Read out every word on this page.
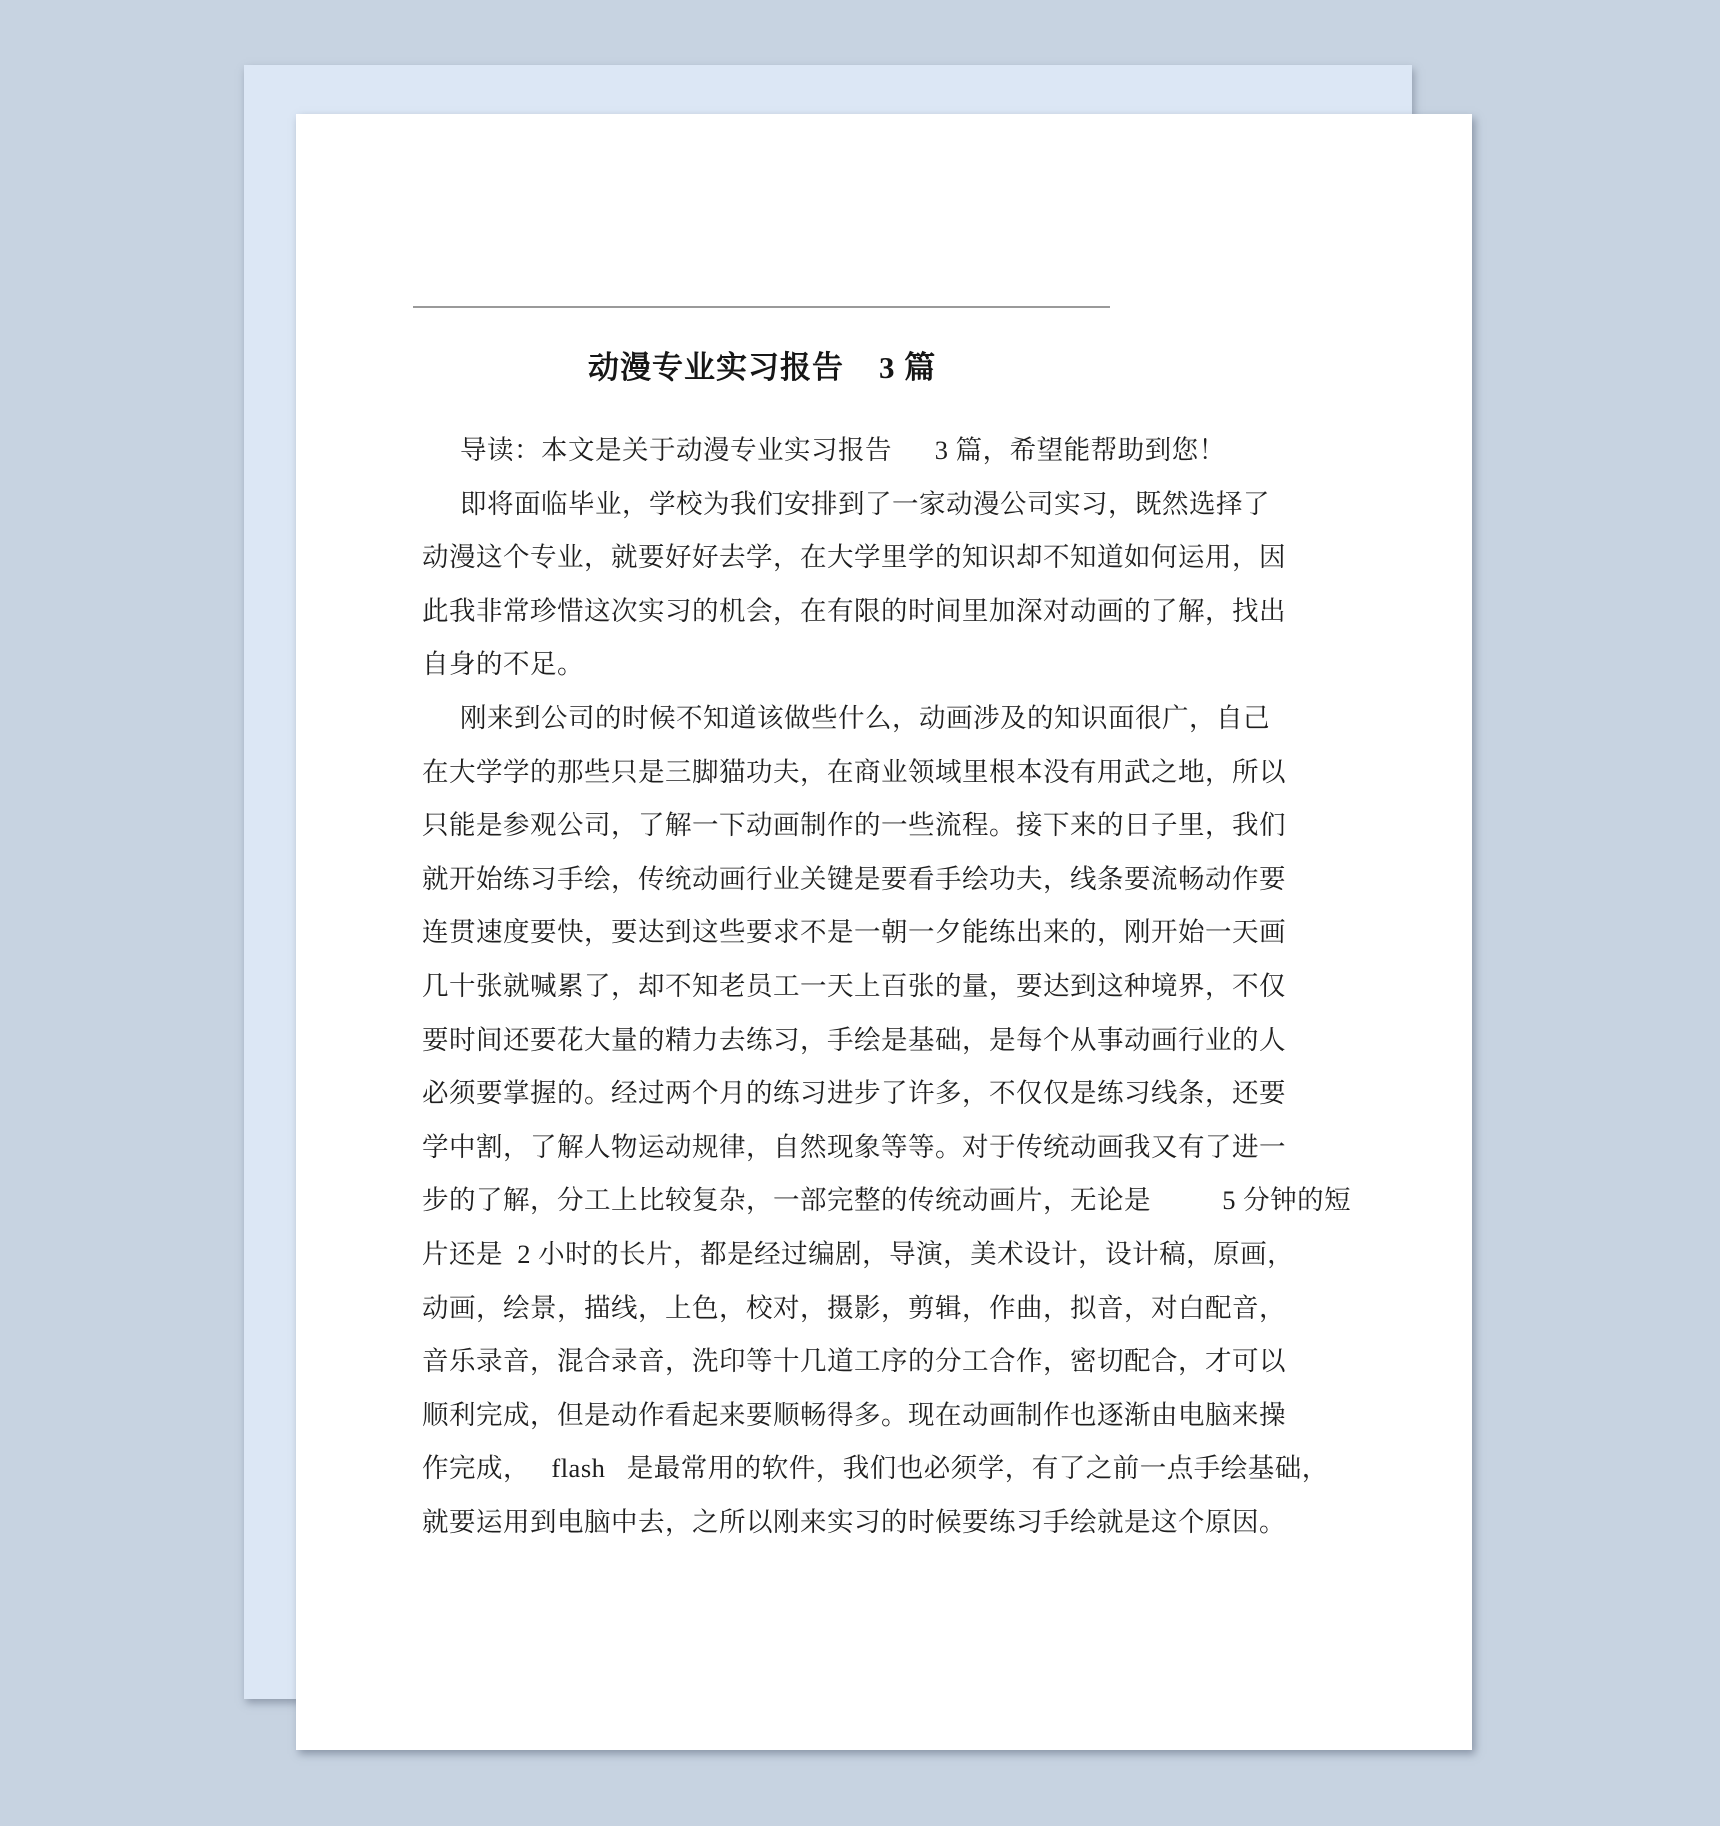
动漫专业实习报告    3 篇
导读：本文是关于动漫专业实习报告      3 篇，希望能帮助到您！
即将面临毕业，学校为我们安排到了一家动漫公司实习，既然选择了
动漫这个专业，就要好好去学，在大学里学的知识却不知道如何运用，因
此我非常珍惜这次实习的机会，在有限的时间里加深对动画的了解，找出
自身的不足。
刚来到公司的时候不知道该做些什么，动画涉及的知识面很广，自己
在大学学的那些只是三脚猫功夫，在商业领域里根本没有用武之地，所以
只能是参观公司，了解一下动画制作的一些流程。接下来的日子里，我们
就开始练习手绘，传统动画行业关键是要看手绘功夫，线条要流畅动作要
连贯速度要快，要达到这些要求不是一朝一夕能练出来的，刚开始一天画
几十张就喊累了，却不知老员工一天上百张的量，要达到这种境界，不仅
要时间还要花大量的精力去练习，手绘是基础，是每个从事动画行业的人
必须要掌握的。经过两个月的练习进步了许多，不仅仅是练习线条，还要
学中割，了解人物运动规律，自然现象等等。对于传统动画我又有了进一
步的了解，分工上比较复杂，一部完整的传统动画片，无论是          5 分钟的短
片还是  2 小时的长片，都是经过编剧，导演，美术设计，设计稿，原画，
动画，绘景，描线，上色，校对，摄影，剪辑，作曲，拟音，对白配音，
音乐录音，混合录音，洗印等十几道工序的分工合作，密切配合，才可以
顺利完成，但是动作看起来要顺畅得多。现在动画制作也逐渐由电脑来操
作完成，   flash   是最常用的软件，我们也必须学，有了之前一点手绘基础，
就要运用到电脑中去，之所以刚来实习的时候要练习手绘就是这个原因。
